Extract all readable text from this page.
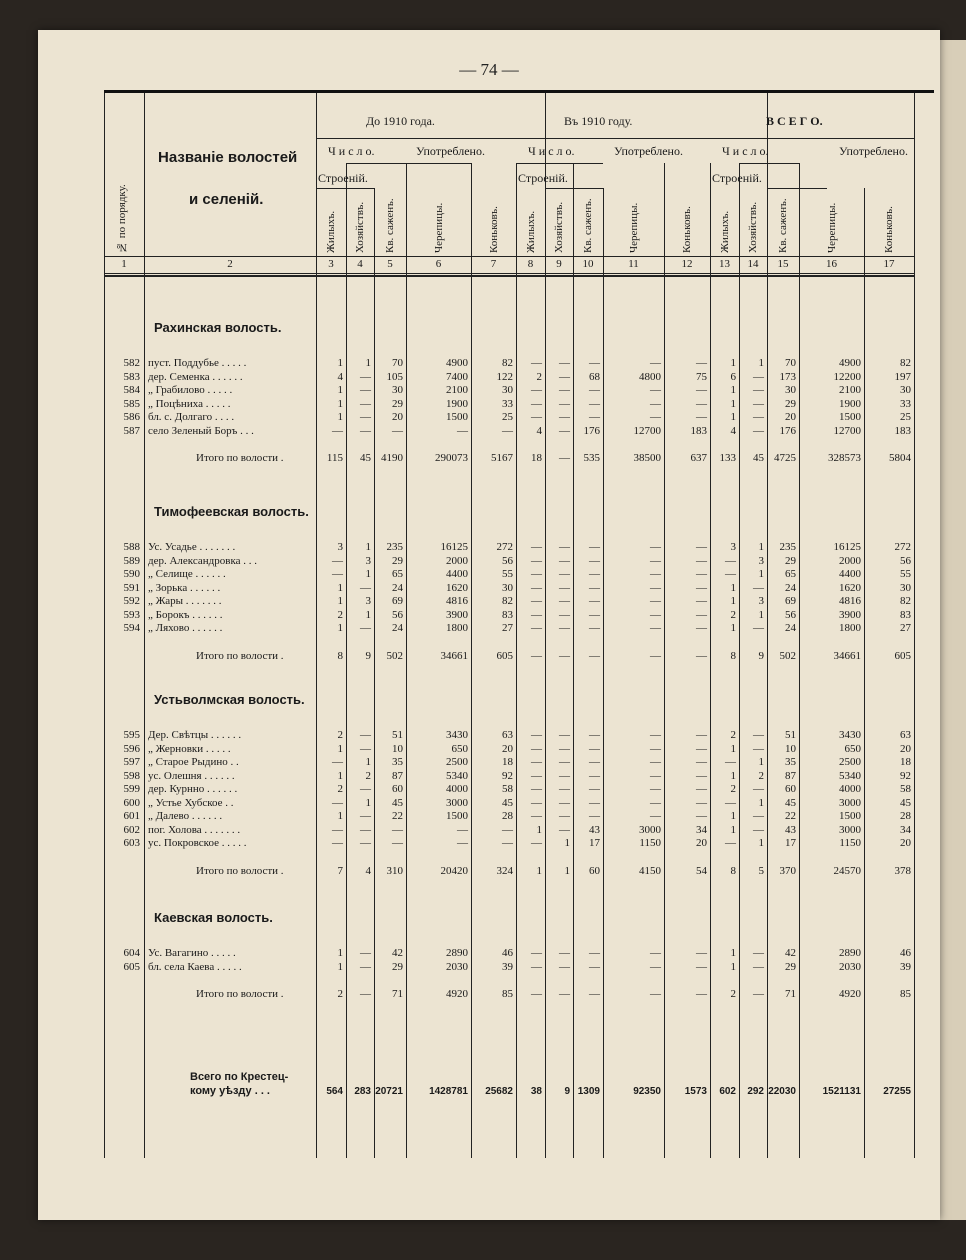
— 74 —
До 1910 года.	Въ 1910 году.	В С Е Г О.
Названіе волостей
и селеній.
№ по порядку.
Ч и с л о.	Ч и с л о.	Ч и с л о.
Употреблено.	Употреблено.	Употреблено.
Строеній.	Строеній.	Строеній.
Жилыхъ. Хозяйствъ. Кв. саженъ.	Черепицы.	Коньковъ. Жилыхъ. Хозяйствъ. Кв. саженъ.	Черепицы.	Коньковъ. Жилыхъ. Хозяйствъ. Кв. саженъ.	Черепицы.	Коньковъ.
1	2	3	4	5	6	7	8	9	10	11	12	13	14	15	16	17
Рахинская волость.
582 пуст. Поддубье . . . . .	1	1	70	4900	82	—	—	—	—	—	1	1	70	4900	82
583 дер. Семенка . . . . . .	4	—	105	7400	122	2	—	68	4800	75	6	—	173	12200	197
584 „ Грабилово . . . . .	1	—	30	2100	30	—	—	—	—	—	1	—	30	2100	30
585 „ Поцѣниха . . . . .	1	—	29	1900	33	—	—	—	—	—	1	—	29	1900	33
586 бл. с. Долгаго . . . .	1	—	20	1500	25	—	—	—	—	—	1	—	20	1500	25
587 село Зеленый Боръ . . .	—	—	—	—	—	4	—	176	12700	183	4	—	176	12700	183
Итого по волости .	115	45 4190	290073	5167	18	—	535	38500	637	133	45 4725	328573	5804
Тимофеевская волость.
588 Ус. Усадье . . . . . . .	3	1	235	16125	272	—	—	—	—	—	3	1	235	16125	272
589 дер. Александровка . . .	—	3	29	2000	56	—	—	—	—	—	—	3	29	2000	56
590 „ Селище . . . . . .	—	1	65	4400	55	—	—	—	—	—	—	1	65	4400	55
591 „ Зорька . . . . . .	1	—	24	1620	30	—	—	—	—	—	1	—	24	1620	30
592 „ Жары . . . . . . .	1	3	69	4816	82	—	—	—	—	—	1	3	69	4816	82
593 „ Борокъ . . . . . .	2	1	56	3900	83	—	—	—	—	—	2	1	56	3900	83
594 „ Ляхово . . . . . .	1	—	24	1800	27	—	—	—	—	—	1	—	24	1800	27
Итого по волости .	8	9	502	34661	605	—	—	—	—	—	8	9	502	34661	605
Устьволмская волость.
595 Дер. Свѣтцы . . . . . .	2	—	51	3430	63	—	—	—	—	—	2	—	51	3430	63
596 „ Жерновки . . . . .	1	—	10	650	20	—	—	—	—	—	1	—	10	650	20
597 „ Старое Рыдино . .	—	1	35	2500	18	—	—	—	—	—	—	1	35	2500	18
598 ус. Олешня . . . . . .	1	2	87	5340	92	—	—	—	—	—	1	2	87	5340	92
599 дер. Курнно . . . . . .	2	—	60	4000	58	—	—	—	—	—	2	—	60	4000	58
600 „ Устье Хубское . .	—	1	45	3000	45	—	—	—	—	—	—	1	45	3000	45
601 „ Далево . . . . . .	1	—	22	1500	28	—	—	—	—	—	1	—	22	1500	28
602 пог. Холова . . . . . . .	—	—	—	—	—	1	—	43	3000	34	1	—	43	3000	34
603 ус. Покровское . . . . .	—	—	—	—	—	—	1	17	1150	20	—	1	17	1150	20
Итого по волости .	7	4	310	20420	324	1	1	60	4150	54	8	5	370	24570	378
Каевская волость.
604 Ус. Вагагино . . . . .	1	—	42	2890	46	—	—	—	—	—	1	—	42	2890	46
605 бл. села Каева . . . . .	1	—	29	2030	39	—	—	—	—	—	1	—	29	2030	39
Итого по волости .	2	—	71	4920	85	—	—	—	—	—	2	—	71	4920	85
Всего по Крестец-
кому уѣзду . . .	564	283 20721	1428781	25682	38	9 1309	92350	1573	602	292 22030	1521131	27255
